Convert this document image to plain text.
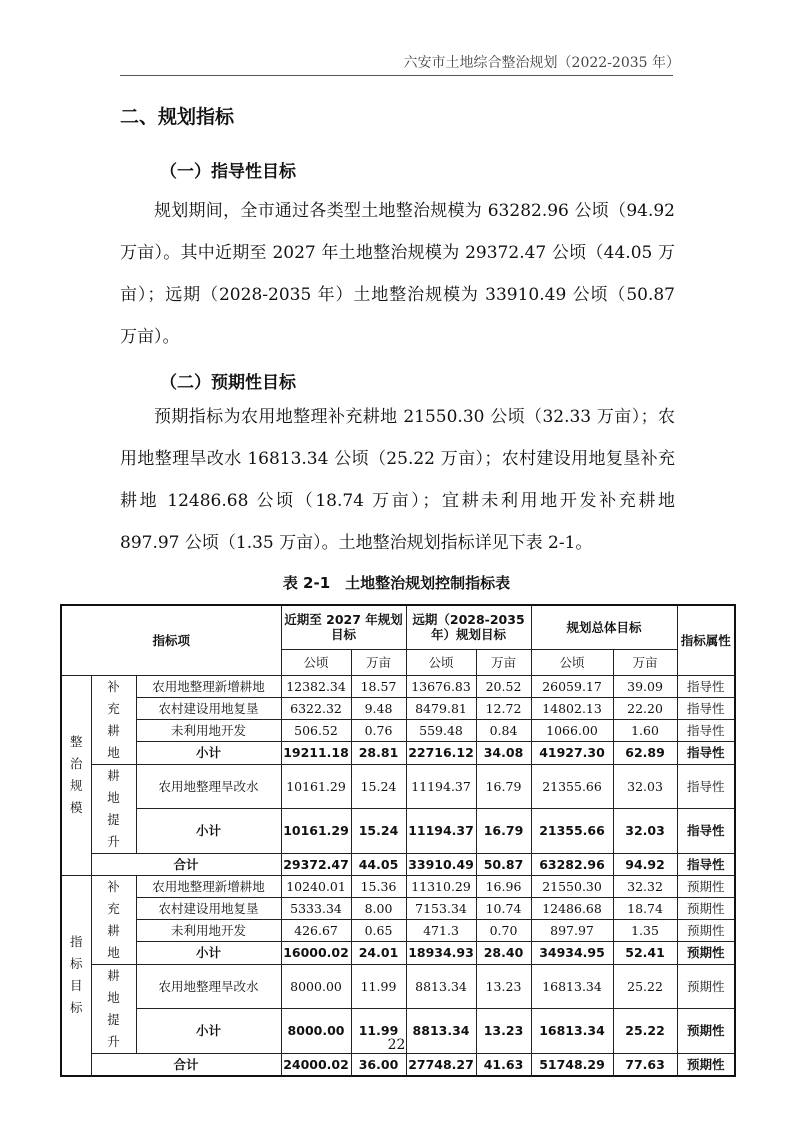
六安市土地综合整治规划（2022-2035 年）
二、规划指标
（一）指导性目标

规划期间，全市通过各类型土地整治规模为 63282.96 公顷（94.92 万亩）。其中近期至 2027 年土地整治规模为 29372.47 公顷（44.05 万亩）；远期（2028-2035 年）土地整治规模为 33910.49 公顷（50.87 万亩）。

（二）预期性目标

预期指标为农用地整理补充耕地 21550.30 公顷（32.33 万亩）；农用地整理旱改水 16813.34 公顷（25.22 万亩）；农村建设用地复垦补充耕地 12486.68 公顷（18.74 万亩）；宜耕未利用地开发补充耕地 897.97 公顷（1.35 万亩）。土地整治规划指标详见下表 2-1。

表 2-1　土地整治规划控制指标表
指标项			近期至 2027 年规划目标		远期（2028-2035 年）规划目标		规划总体目标		指标属性
			公顷	万亩	公顷	万亩	公顷	万亩	
整治规模	补充耕地	农用地整理新增耕地	12382.34	18.57	13676.83	20.52	26059.17	39.09	指导性
		农村建设用地复垦	6322.32	9.48	8479.81	12.72	14802.13	22.20	指导性
		未利用地开发	506.52	0.76	559.48	0.84	1066.00	1.60	指导性
		小计	19211.18	28.81	22716.12	34.08	41927.30	62.89	指导性
	耕地提升	农用地整理旱改水	10161.29	15.24	11194.37	16.79	21355.66	32.03	指导性
		小计	10161.29	15.24	11194.37	16.79	21355.66	32.03	指导性
	合计		29372.47	44.05	33910.49	50.87	63282.96	94.92	指导性
指标目标	补充耕地	农用地整理新增耕地	10240.01	15.36	11310.29	16.96	21550.30	32.32	预期性
		农村建设用地复垦	5333.34	8.00	7153.34	10.74	12486.68	18.74	预期性
		未利用地开发	426.67	0.65	471.3	0.70	897.97	1.35	预期性
		小计	16000.02	24.01	18934.93	28.40	34934.95	52.41	预期性
	耕地提升	农用地整理旱改水	8000.00	11.99	8813.34	13.23	16813.34	25.22	预期性
		小计	8000.00	11.99	8813.34	13.23	16813.34	25.22	预期性
	合计		24000.02	36.00	27748.27	41.63	51748.29	77.63	预期性
22
